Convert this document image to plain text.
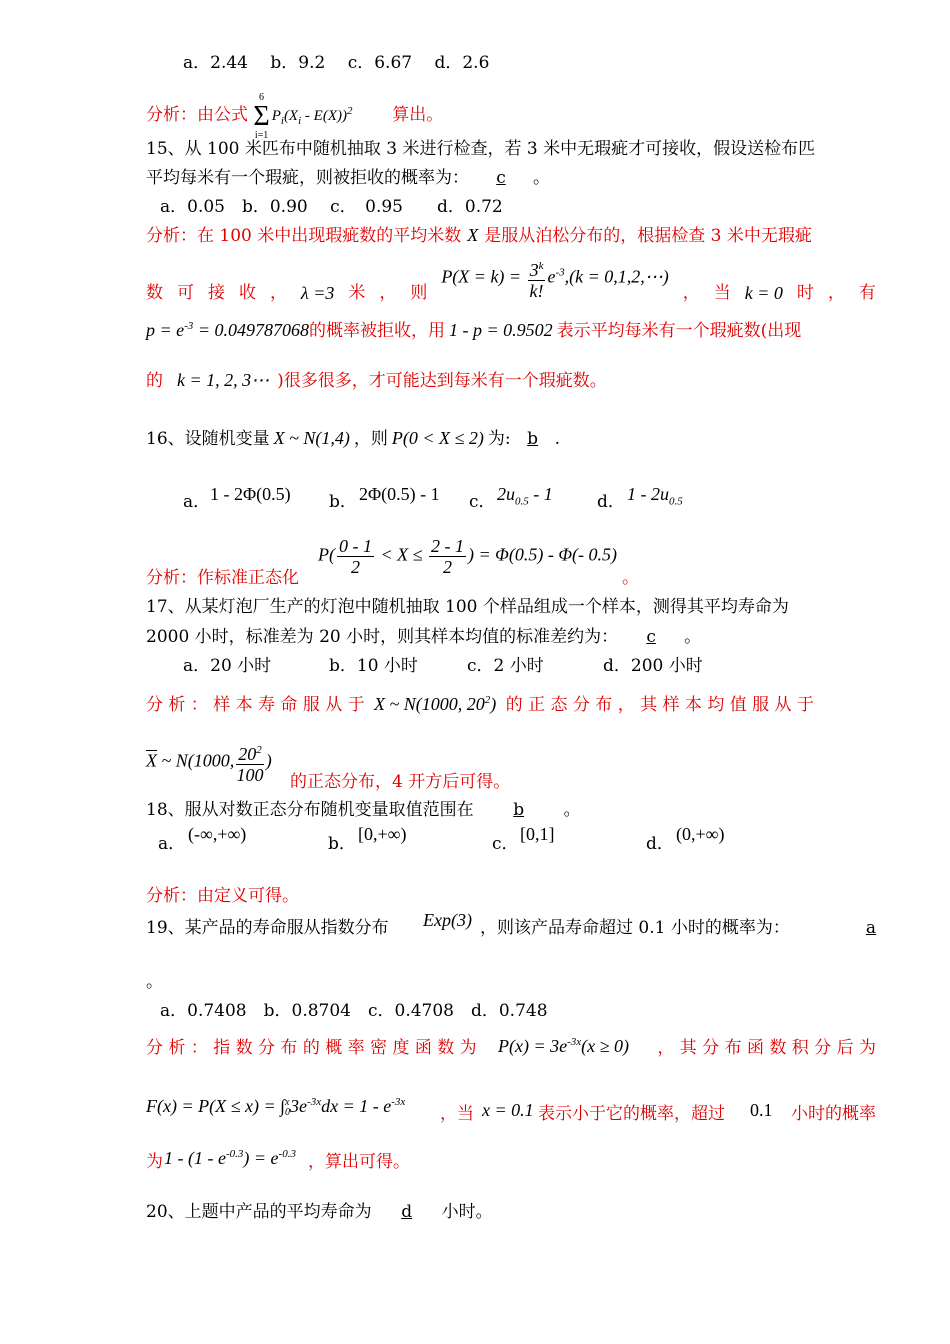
a．2.44　 b．9.2　 c．6.67　 d．2.6
分析：由公式
6
Σ
i=1
$P_i(X_i - E(X))^2$ 算出。
15、从 100 米匹布中随机抽取 3 米进行检查，若 3 米中无瑕疵才可接收，假设送检布匹
平均每米有一个瑕疵，则被拒收的概率为： c 。
a．0.05　b．0.90　 c．　0.95　　d．0.72
分析：在 100 米中出现瑕疵数的平均米数 X 是服从泊松分布的，根据检查 3 米中无瑕疵
数 可 接 收 ， λ =3 米 ， 则
$P(X = k) = \frac{3^k}{k!} e^{-3},(k$ = 0,1,2,⋯)
， 当 k = 0 时 ， 有
$p = e^{-3} = 0.049787068$的概率被拒收，用 1 - p = 0.9502 表示平均每米有一个瑕疵数(出现
的 k = 1, 2, 3⋯ )很多很多，才可能达到每米有一个瑕疵数。
16、设随机变量 X ~ N(1,4) ，则 P(0 < X ≤ 2) 为: b .
a． 1 - 2Φ(0.5) b． 2Φ(0.5) - 1 c． $2u_{0.5} - 1$	d． $1 - 2u_{0.5}$
分析：作标准正态化
$P( \frac{0 - 1}{2} < X \le \frac{2 - 1}{2}$ ) = Φ(0.5) - Φ(- 0.5)
。
17、从某灯泡厂生产的灯泡中随机抽取 100 个样品组成一个样本，测得其平均寿命为
2000 小时，标准差为 20 小时，则其样本均值的标准差约为： c 。
a．20 小时	b．10 小时	c．2 小时	d．200 小时
分 析 ： 样 本 寿 命 服 从 于 X ~ N(1000, $20^2$) 的 正 态 分 布 ， 其 样 本 均 值 服 从 于
$\overline{X}$ ~ N(1000, $\frac{20^2}{100}$ )
的正态分布，4 开方后可得。
18、服从对数正态分布随机变量取值范围在 b 。
a． (-∞,+∞)	b． [0,+∞)	c． [0,1]	d． (0,+∞)
分析：由定义可得。
19、某产品的寿命服从指数分布 Exp(3) ，则该产品寿命超过 0.1 小时的概率为：	a
。
a．0.7408　b．0.8704　c．0.4708　d．0.748
分 析 ： 指 数 分 布 的 概 率 密 度 函 数 为 $P(x) = 3e^{-3x}(x \ge 0)$	， 其 分 布 函 数 积 分 后 为
F(x) = P(X ≤ x) = ∫ x
0 $3e^{-3x}dx = 1 - e^{-3x}$
，当 x = 0.1 表示小于它的概率，超过 0.1 小时的概率
为 $1 - (1 - e^{-0.3}) = e^{-0.3}$ ，算出可得。
20、上题中产品的平均寿命为 d 小时。
